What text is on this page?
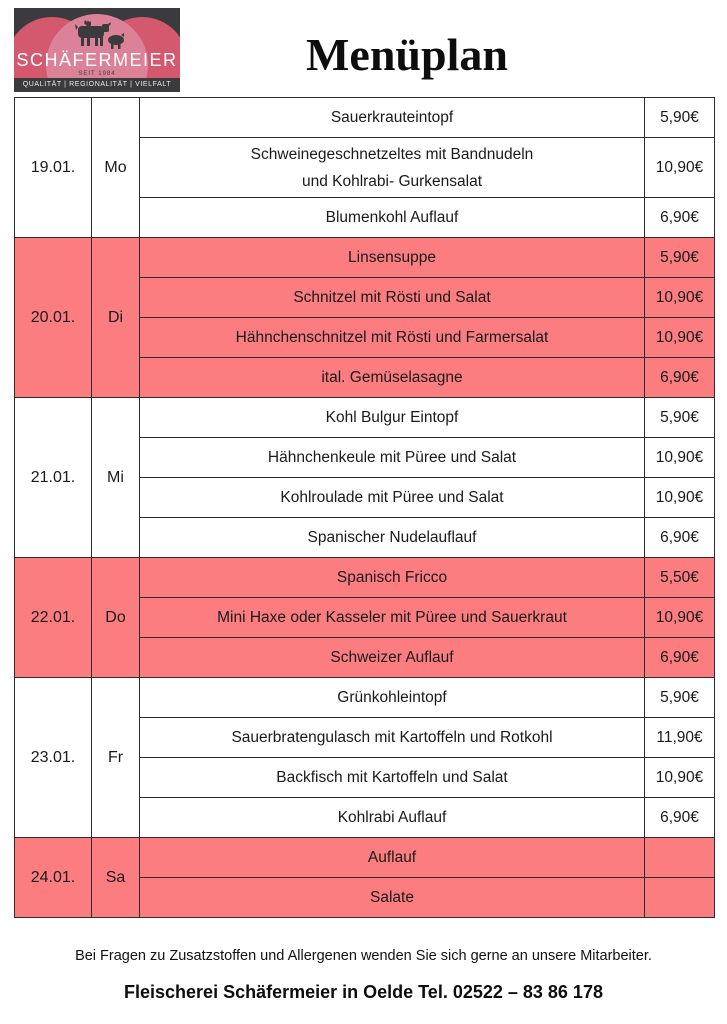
SCHÄFERMEIER
SEIT 1984
QUALITÄT | REGIONALITÄT | VIELFALT
Menüplan
19.01.	Mo	Sauerkrauteintopf	5,90€

		Schweinegeschnetzeltes mit Bandnudeln
und Kohlrabi- Gurkensalat	10,90€
		Blumenkohl Auflauf	6,90€
20.01.	Di	Linsensuppe	5,90€
		Schnitzel mit Rösti und Salat	10,90€
		Hähnchenschnitzel mit Rösti und Farmersalat	10,90€
		ital. Gemüselasagne	6,90€
21.01.	Mi	Kohl Bulgur Eintopf	5,90€
		Hähnchenkeule mit Püree und Salat	10,90€
		Kohlroulade mit Püree und Salat	10,90€
		Spanischer Nudelauflauf	6,90€
22.01.	Do	Spanisch Fricco	5,50€
		Mini Haxe oder Kasseler mit Püree und Sauerkraut	10,90€
		Schweizer Auflauf	6,90€
23.01.	Fr	Grünkohleintopf	5,90€
		Sauerbratengulasch mit Kartoffeln und Rotkohl	11,90€
		Backfisch mit Kartoffeln und Salat	10,90€
		Kohlrabi Auflauf	6,90€
24.01.	Sa	Auflauf	
		Salate	

Bei Fragen zu Zusatzstoffen und Allergenen wenden Sie sich gerne an unsere Mitarbeiter.

Fleischerei Schäfermeier in Oelde Tel. 02522 – 83 86 178
